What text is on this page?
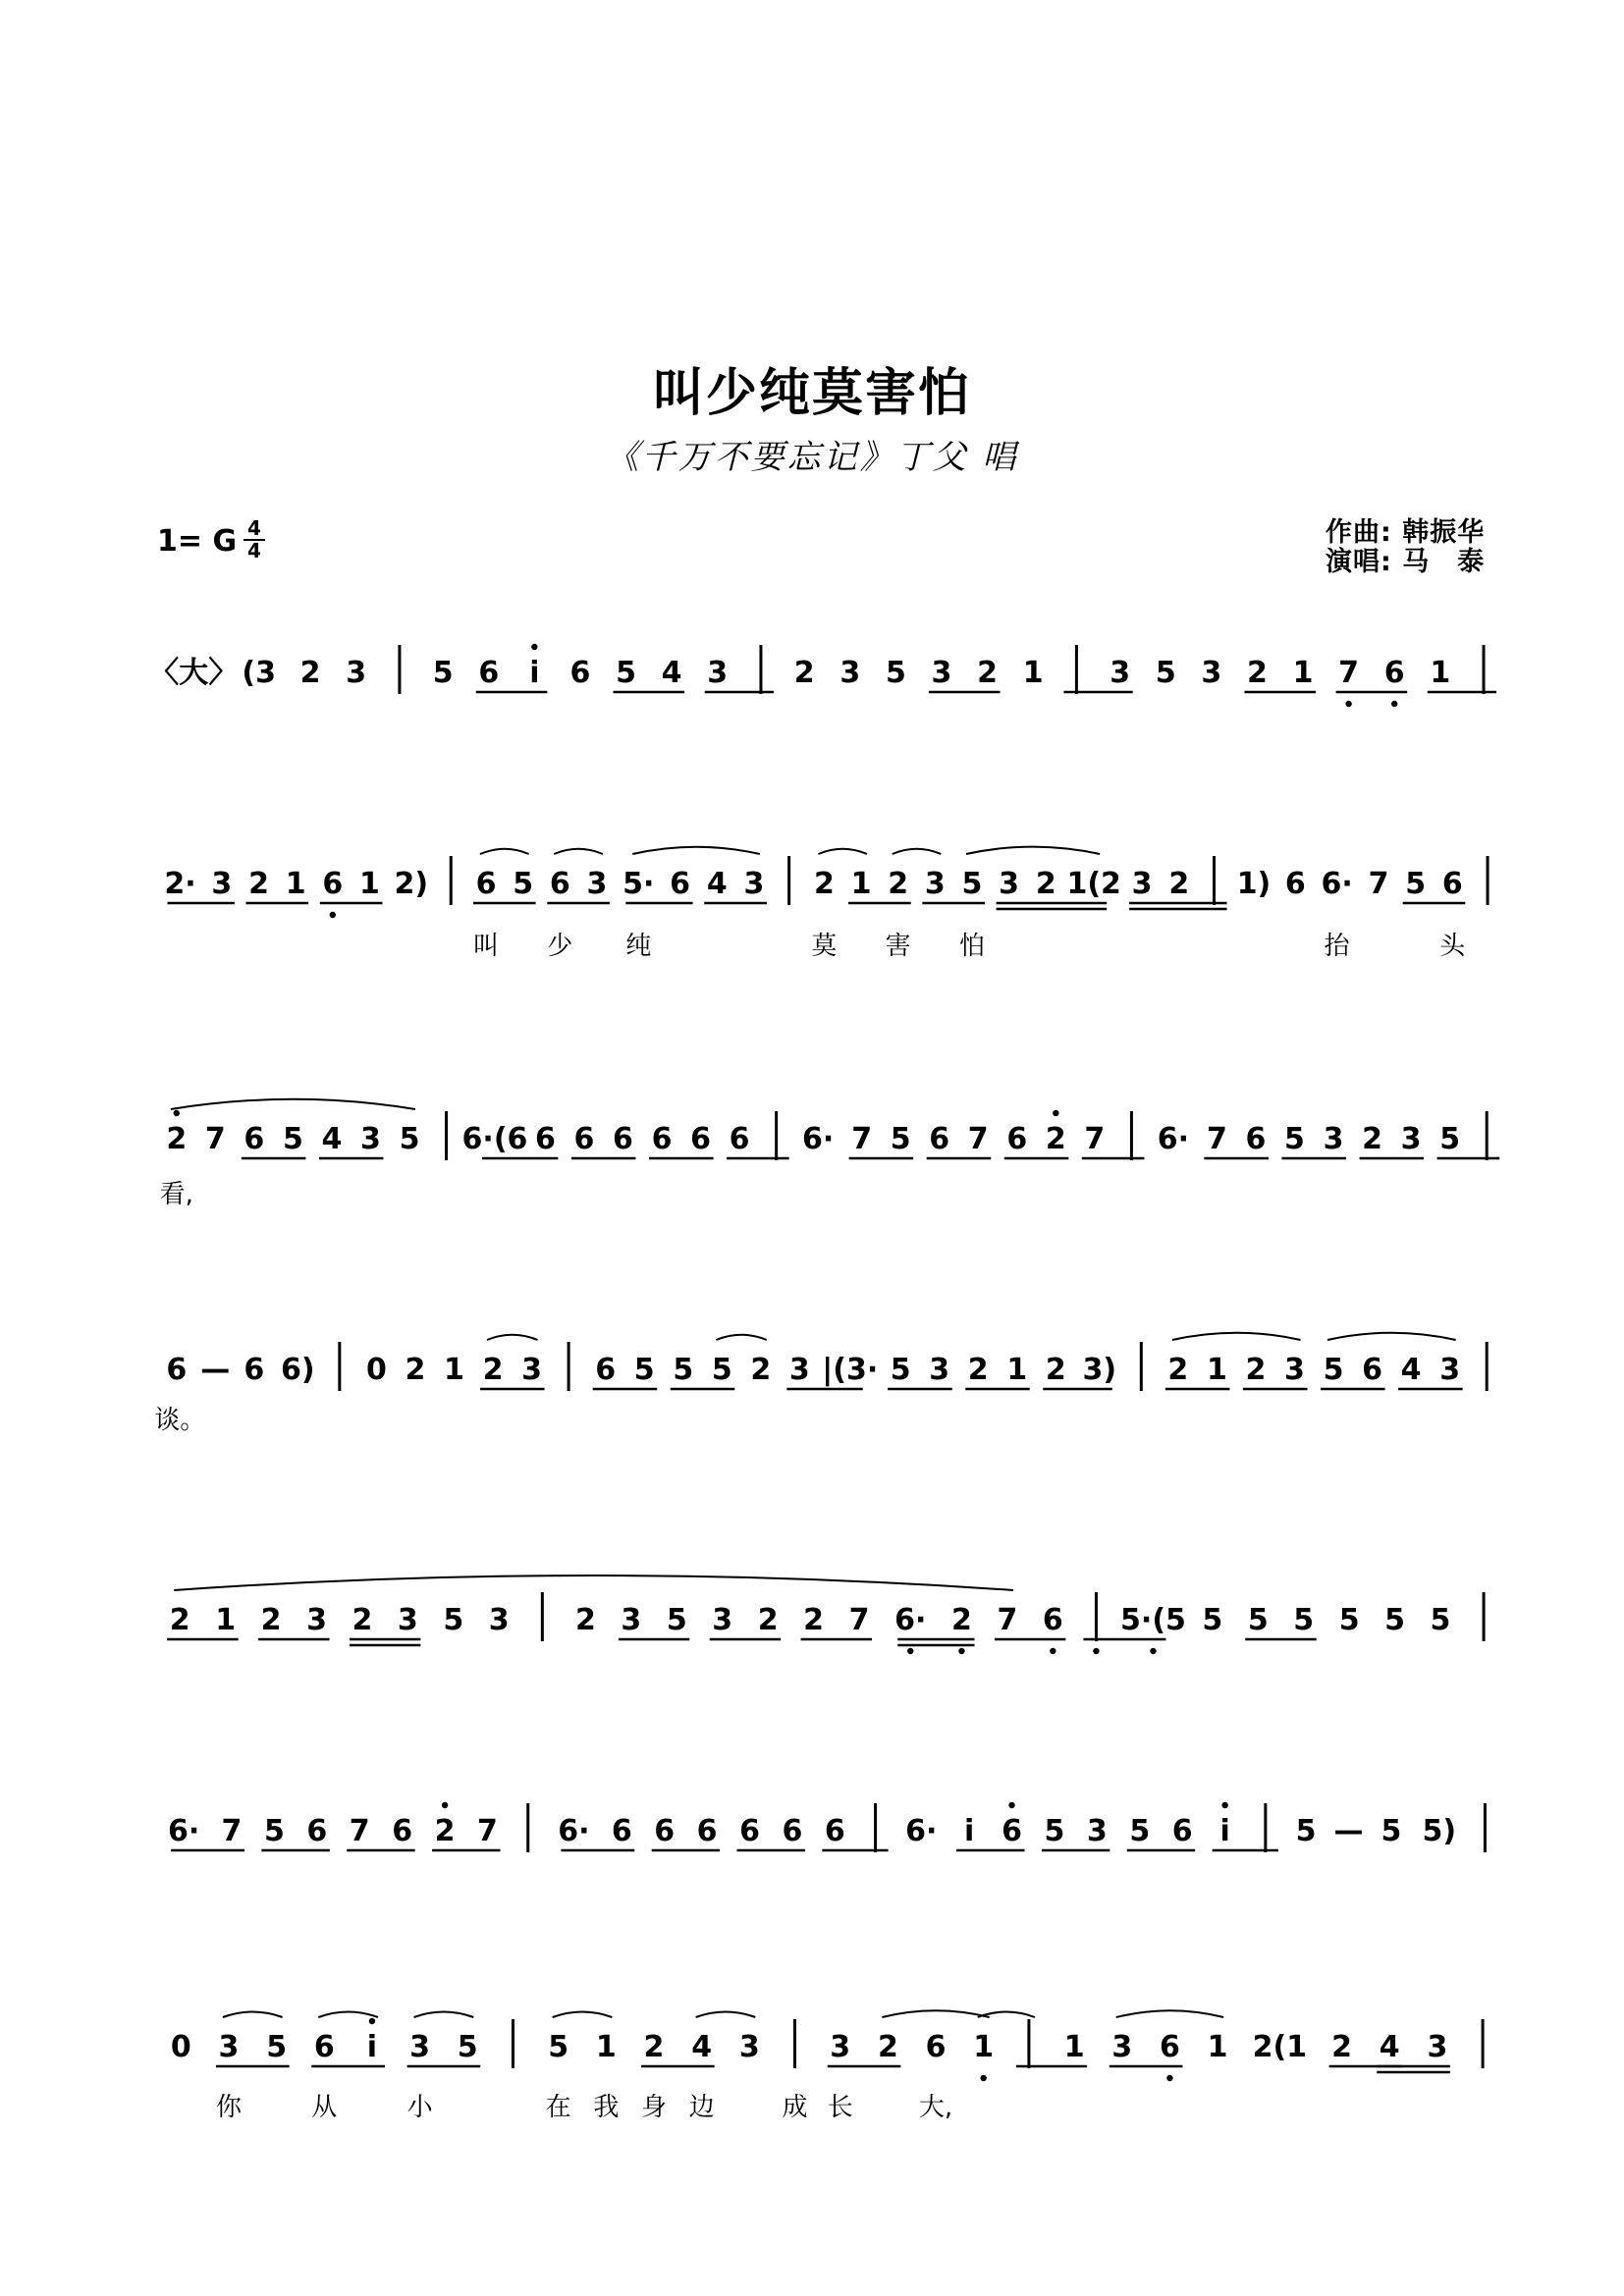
叫少纯莫害怕
《千万不要忘记》丁父 唱
1= G 4
4
作曲: 韩振华
演唱: 马　泰
〈大〉 (3 2 3 5 6 i 6 5 4 3 2 3 5 3 2 1 3 5 3 2 1 7 6 1
2· 3 2 1 6 1 2) 6 5 6 3 5· 6 4 3 2 1 2 3 5 3 2 1(2 3 2 1) 6 6· 7 5 6
叫 少 纯	莫 害 怕	抬	头
2 7 6 5 4 3 5 6·(6 6 6 6 6 6 6 6· 7 5 6 7 6 2 7 6· 7 6 5 3 2 3 5
看,
6 — 6 6) 0 2 1 2 3 6 5 5 5 2 3 |(3· 5 3 2 1 2 3) 2 1 2 3 5 6 4 3
2 1 2 3 2 3 5 3 2 3 5 3 2 2 7 6· 2 7 6 5·(5 5 5 5 5 5 5
谈。
6· 7 5 6 7 6 2 7 6· 6 6 6 6 6 6 6· i 6 5 3 5 6 i 5 — 5 5)
0 3 5 6 i 3 5 5 1 2 4 3 3 2 6 1 1 3 6 1 2(1 2 4 3
你	从	小	在 我 身 边	成 长	大,
